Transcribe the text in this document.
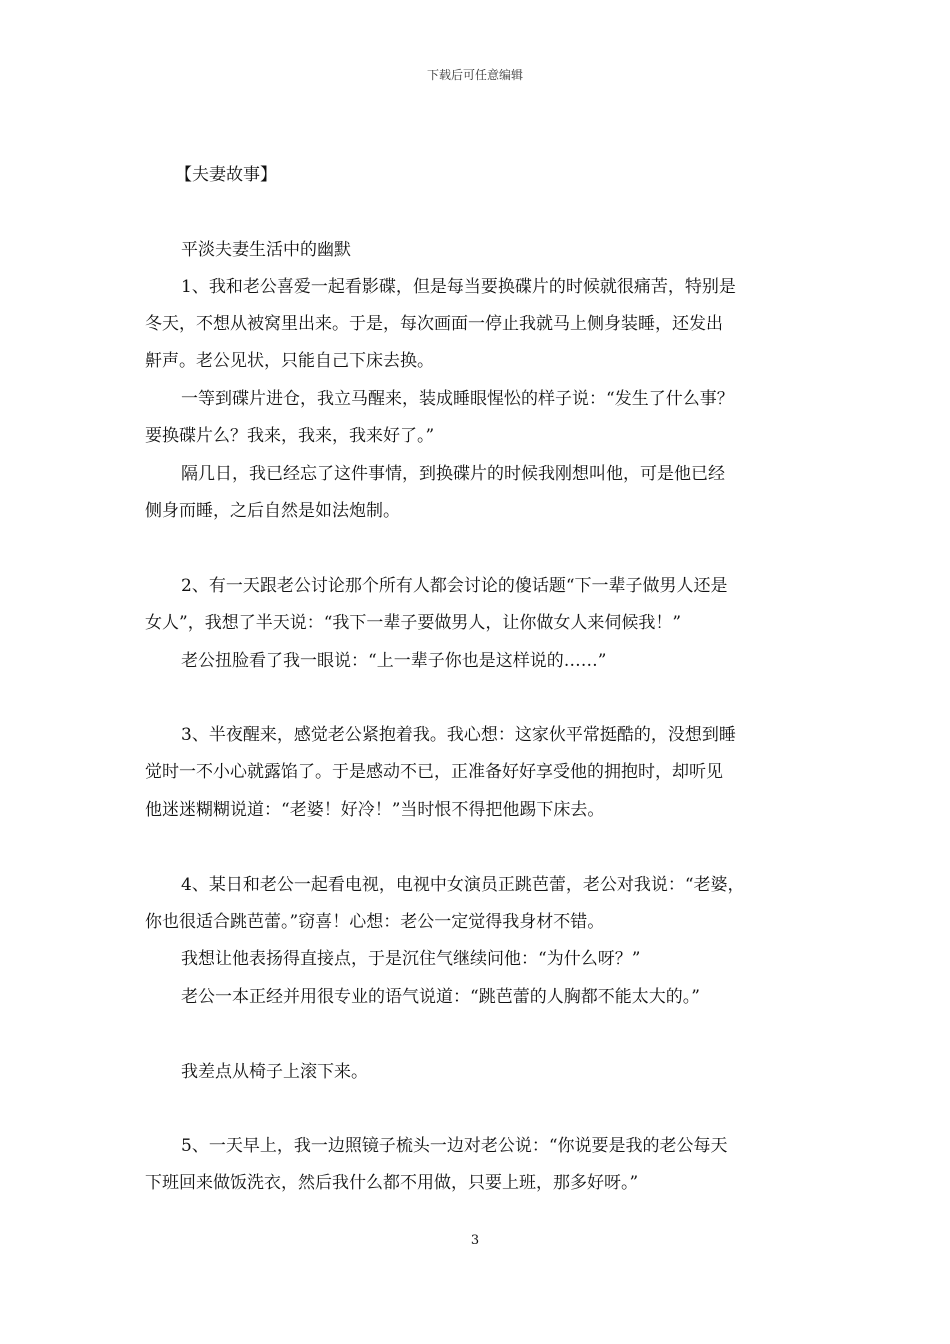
下载后可任意编辑
【夫妻故事】
平淡夫妻生活中的幽默
1、我和老公喜爱一起看影碟，但是每当要换碟片的时候就很痛苦，特别是
冬天，不想从被窝里出来。于是，每次画面一停止我就马上侧身装睡，还发出
鼾声。老公见状，只能自己下床去换。
一等到碟片进仓，我立马醒来，装成睡眼惺忪的样子说：“发生了什么事？
要换碟片么？我来，我来，我来好了。”
隔几日，我已经忘了这件事情，到换碟片的时候我刚想叫他，可是他已经
侧身而睡，之后自然是如法炮制。
2、有一天跟老公讨论那个所有人都会讨论的傻话题“下一辈子做男人还是
女人”，我想了半天说：“我下一辈子要做男人，让你做女人来伺候我！”
老公扭脸看了我一眼说：“上一辈子你也是这样说的……”
3、半夜醒来，感觉老公紧抱着我。我心想：这家伙平常挺酷的，没想到睡
觉时一不小心就露馅了。于是感动不已，正准备好好享受他的拥抱时，却听见
他迷迷糊糊说道：“老婆！好冷！”当时恨不得把他踢下床去。
4、某日和老公一起看电视，电视中女演员正跳芭蕾，老公对我说：“老婆，
你也很适合跳芭蕾。”窃喜！心想：老公一定觉得我身材不错。
我想让他表扬得直接点，于是沉住气继续问他：“为什么呀？”
老公一本正经并用很专业的语气说道：“跳芭蕾的人胸都不能太大的。”
我差点从椅子上滚下来。
5、一天早上，我一边照镜子梳头一边对老公说：“你说要是我的老公每天
下班回来做饭洗衣，然后我什么都不用做，只要上班，那多好呀。”
3
